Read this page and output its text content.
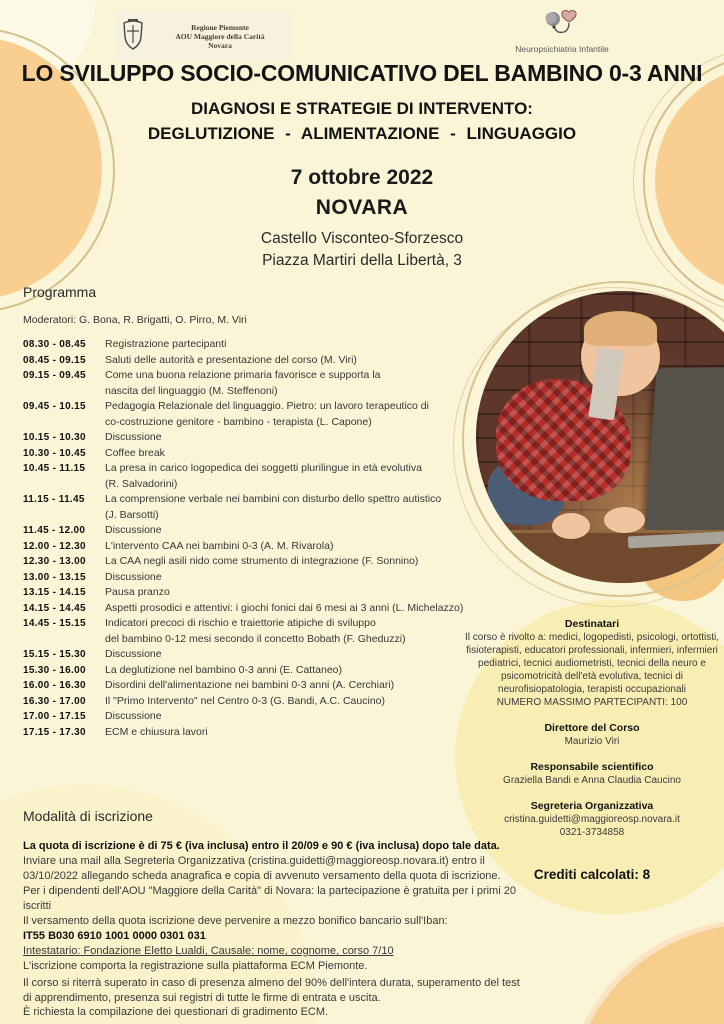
Regione Piemonte
AOU Maggiore della Carità
Novara	Neuropsichiatria Infantile
LO SVILUPPO SOCIO-COMUNICATIVO DEL BAMBINO 0-3 ANNI
DIAGNOSI E STRATEGIE DI INTERVENTO:
DEGLUTIZIONE - ALIMENTAZIONE - LINGUAGGIO
7 ottobre 2022
NOVARA
Castello Visconteo-Sforzesco
Piazza Martiri della Libertà, 3
Programma
Moderatori: G. Bona, R. Brigatti, O. Pirro, M. Viri
08.30 - 08.45	Registrazione partecipanti
08.45 - 09.15	Saluti delle autorità e presentazione del corso (M. Viri)
09.15 - 09.45	Come una buona relazione primaria favorisce e supporta la
nascita del linguaggio (M. Steffenoni)
09.45 - 10.15	Pedagogia Relazionale del linguaggio. Pietro: un lavoro terapeutico di
co-costruzione genitore - bambino - terapista (L. Capone)
10.15 - 10.30	Discussione
10.30 - 10.45	Coffee break
10.45 - 11.15	La presa in carico logopedica dei soggetti plurilingue in età evolutiva
(R. Salvadorini)
11.15 - 11.45	La comprensione verbale nei bambini con disturbo dello spettro autistico
(J. Barsotti)
11.45 - 12.00	Discussione
12.00 - 12.30	L'intervento CAA nei bambini 0-3 (A. M. Rivarola)
12.30 - 13.00	La CAA negli asili nido come strumento di integrazione (F. Sonnino)
13.00 - 13.15	Discussione
13.15 - 14.15	Pausa pranzo
14.15 - 14.45	Aspetti prosodici e attentivi: i giochi fonici dai 6 mesi ai 3 anni (L. Michelazzo)
14.45 - 15.15	Indicatori precoci di rischio e traiettorie atipiche di sviluppo
del bambino 0-12 mesi secondo il concetto Bobath (F. Gheduzzi)
15.15 - 15.30	Discussione
15.30 - 16.00	La deglutizione nel bambino 0-3 anni (E. Cattaneo)
16.00 - 16.30	Disordini dell'alimentazione nei bambini 0-3 anni (A. Cerchiari)
16.30 - 17.00	Il "Primo Intervento" nel Centro 0-3 (G. Bandi, A.C. Caucino)
17.00 - 17.15	Discussione
17.15 - 17.30	ECM e chiusura lavori
Destinatari
Il corso è rivolto a: medici, logopedisti, psicologi, ortottisti, fisioterapisti, educatori professionali, infermieri, infermieri pediatrici, tecnici audiometristi, tecnici della neuro e psicomotricità dell'età evolutiva, tecnici di neurofisiopatologia, terapisti occupazionali
NUMERO MASSIMO PARTECIPANTI: 100
Direttore del Corso
Maurizio Viri
Responsabile scientifico
Graziella Bandi e Anna Claudia Caucino
Segreteria Organizzativa
cristina.guidetti@maggioreosp.novara.it
0321-3734858
Crediti calcolati: 8
Modalità di iscrizione

La quota di iscrizione è di 75 € (iva inclusa) entro il 20/09 e 90 € (iva inclusa) dopo tale data.

Inviare una mail alla Segreteria Organizzativa (cristina.guidetti@maggioreosp.novara.it) entro il 03/10/2022 allegando scheda anagrafica e copia di avvenuto versamento della quota di iscrizione. Per i dipendenti dell'AOU "Maggiore della Carità" di Novara: la partecipazione è gratuita per i primi 20 iscritti

Il versamento della quota iscrizione deve pervenire a mezzo bonifico bancario sull'Iban:

IT55 B030 6910 1001 0000 0301 031

Intestatario: Fondazione Eletto Lualdi, Causale: nome, cognome, corso 7/10

L'iscrizione comporta la registrazione sulla piattaforma ECM Piemonte.

Il corso si riterrà superato in caso di presenza almeno del 90% dell'intera durata, superamento del test di apprendimento, presenza sui registri di tutte le firme di entrata e uscita.

È richiesta la compilazione dei questionari di gradimento ECM.
